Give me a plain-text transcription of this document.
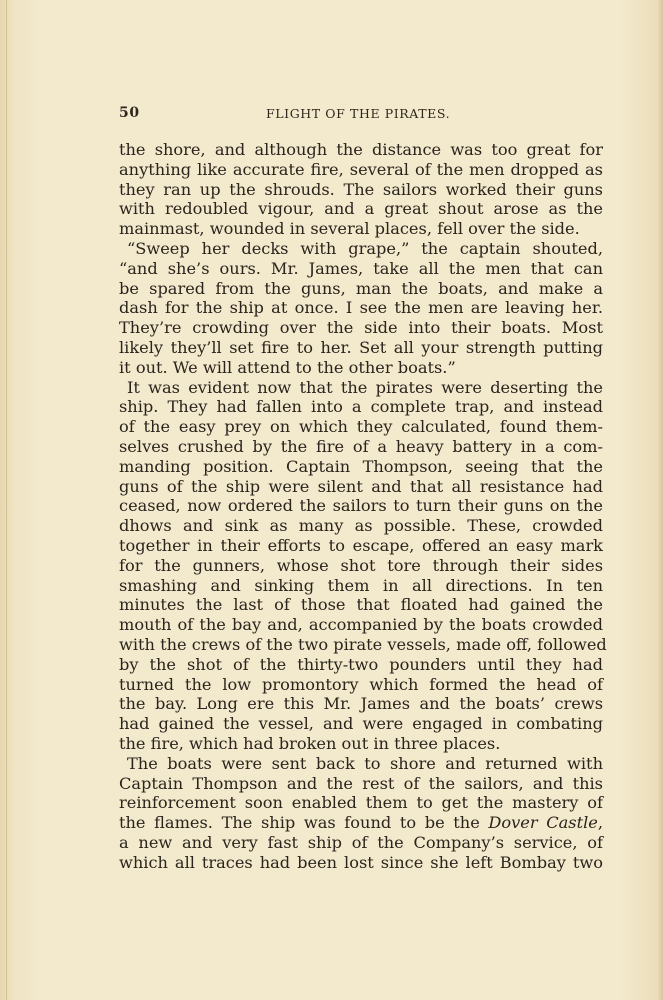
50	FLIGHT OF THE PIRATES.
the shore, and although the distance was too great for
anything like accurate fire, several of the men dropped as
they ran up the shrouds. The sailors worked their guns
with redoubled vigour, and a great shout arose as the
mainmast, wounded in several places, fell over the side.
“Sweep her decks with grape,” the captain shouted,
“and she’s ours. Mr. James, take all the men that can
be spared from the guns, man the boats, and make a
dash for the ship at once. I see the men are leaving her.
They’re crowding over the side into their boats. Most
likely they’ll set fire to her. Set all your strength putting
it out. We will attend to the other boats.”
It was evident now that the pirates were deserting the
ship. They had fallen into a complete trap, and instead
of the easy prey on which they calculated, found them-
selves crushed by the fire of a heavy battery in a com-
manding position. Captain Thompson, seeing that the
guns of the ship were silent and that all resistance had
ceased, now ordered the sailors to turn their guns on the
dhows and sink as many as possible. These, crowded
together in their efforts to escape, offered an easy mark
for the gunners, whose shot tore through their sides
smashing and sinking them in all directions. In ten
minutes the last of those that floated had gained the
mouth of the bay and, accompanied by the boats crowded
with the crews of the two pirate vessels, made off, followed
by the shot of the thirty-two pounders until they had
turned the low promontory which formed the head of
the bay. Long ere this Mr. James and the boats’ crews
had gained the vessel, and were engaged in combating
the fire, which had broken out in three places.
The boats were sent back to shore and returned with
Captain Thompson and the rest of the sailors, and this
reinforcement soon enabled them to get the mastery of
the flames. The ship was found to be the Dover Castle,
a new and very fast ship of the Company’s service, of
which all traces had been lost since she left Bombay two
